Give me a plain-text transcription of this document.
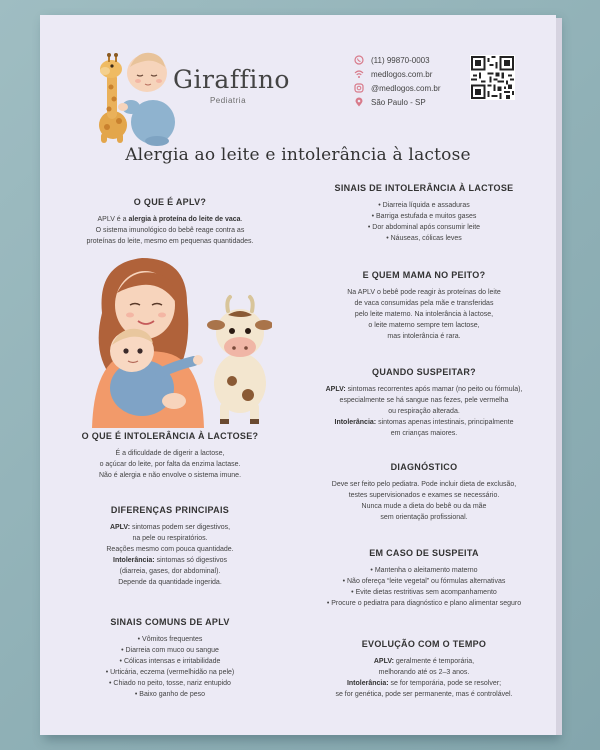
Giraffino
Pediatria
(11) 99870-0003
medlogos.com.br
@medlogos.com.br
São Paulo - SP
Alergia ao leite e intolerância à lactose
O QUE É APLV?

APLV é a alergia à proteína do leite de vaca.
O sistema imunológico do bebê reage contra as
proteínas do leite, mesmo em pequenas quantidades.

O QUE É INTOLERÂNCIA À LACTOSE?

É a dificuldade de digerir a lactose,
o açúcar do leite, por falta da enzima lactase.
Não é alergia e não envolve o sistema imune.

DIFERENÇAS PRINCIPAIS

APLV: sintomas podem ser digestivos,
na pele ou respiratórios.
Reações mesmo com pouca quantidade.
Intolerância: sintomas só digestivos
(diarreia, gases, dor abdominal).
Depende da quantidade ingerida.

SINAIS COMUNS DE APLV

• Vômitos frequentes
• Diarreia com muco ou sangue
• Cólicas intensas e irritabilidade
• Urticária, eczema (vermelhidão na pele)
• Chiado no peito, tosse, nariz entupido
• Baixo ganho de peso

SINAIS DE INTOLERÂNCIA À LACTOSE

• Diarreia líquida e assaduras
• Barriga estufada e muitos gases
• Dor abdominal após consumir leite
• Náuseas, cólicas leves

E QUEM MAMA NO PEITO?

Na APLV o bebê pode reagir às proteínas do leite
de vaca consumidas pela mãe e transferidas
pelo leite materno. Na intolerância à lactose,
o leite materno sempre tem lactose,
mas intolerância é rara.

QUANDO SUSPEITAR?

APLV: sintomas recorrentes após mamar (no peito ou fórmula),
especialmente se há sangue nas fezes, pele vermelha
ou respiração alterada.
Intolerância: sintomas apenas intestinais, principalmente
em crianças maiores.

DIAGNÓSTICO

Deve ser feito pelo pediatra. Pode incluir dieta de exclusão,
testes supervisionados e exames se necessário.
Nunca mude a dieta do bebê ou da mãe
sem orientação profissional.

EM CASO DE SUSPEITA

• Mantenha o aleitamento materno
• Não ofereça “leite vegetal” ou fórmulas alternativas
• Evite dietas restritivas sem acompanhamento
• Procure o pediatra para diagnóstico e plano alimentar seguro

EVOLUÇÃO COM O TEMPO

APLV: geralmente é temporária,
melhorando até os 2–3 anos.
Intolerância: se for temporária, pode se resolver;
se for genética, pode ser permanente, mas é controlável.
